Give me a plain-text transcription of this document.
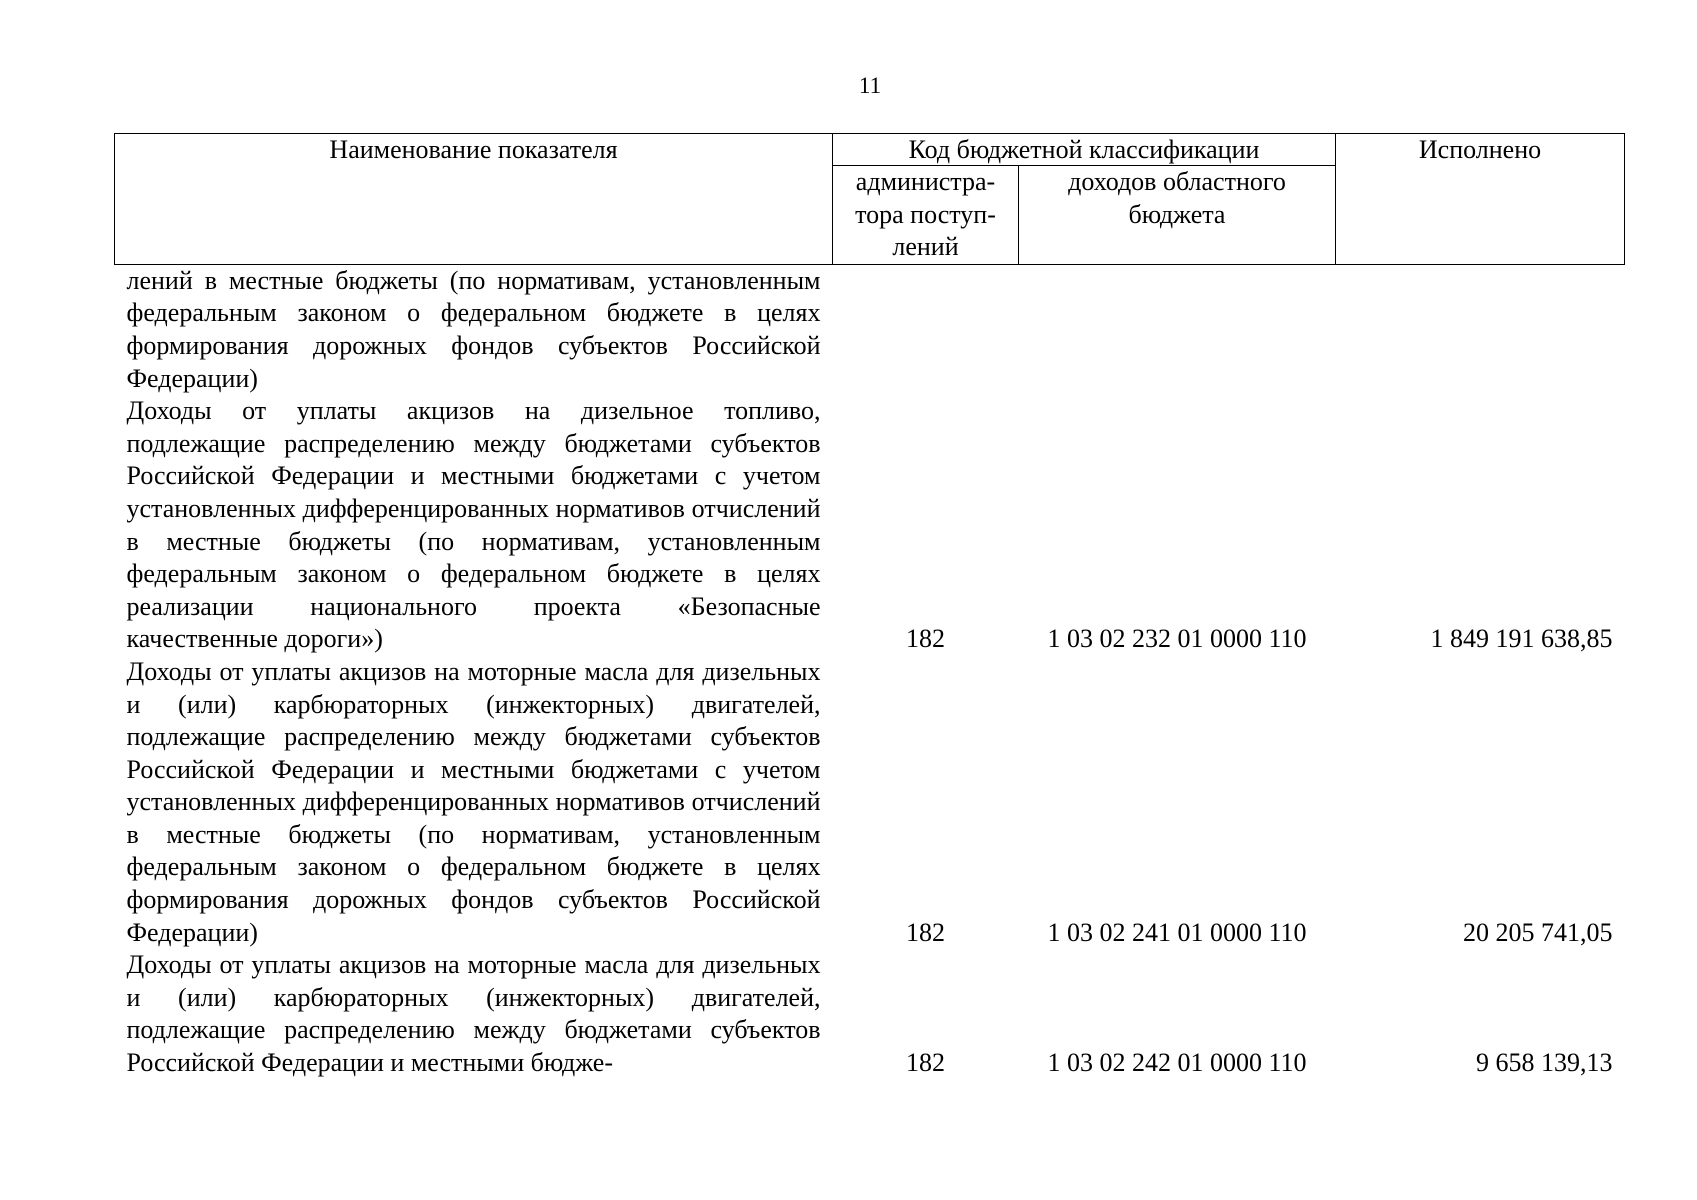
11
Наименование показателя	Код бюджетной классификации		Исполнено
	администра-тора поступ-лений	доходов областного бюджета	
лений в местные бюджеты (по нормативам, установленным федеральным законом о федеральном бюджете в целях формирования дорожных фондов субъектов Российской Федерации)			
Доходы от уплаты акцизов на дизельное топливо, подлежащие распределению между бюджетами субъектов Российской Федерации и местными бюджетами с учетом установленных дифференцированных нормативов отчислений в местные бюджеты (по нормативам, установленным федеральным законом о федеральном бюджете в целях реализации национального проекта «Безопасные качественные дороги»)	182	1 03 02 232 01 0000 110	1 849 191 638,85
Доходы от уплаты акцизов на моторные масла для дизельных и (или) карбюраторных (инжекторных) двигателей, подлежащие распределению между бюджетами субъектов Российской Федерации и местными бюджетами с учетом установленных дифференцированных нормативов отчислений в местные бюджеты (по нормативам, установленным федеральным законом о федеральном бюджете в целях формирования дорожных фондов субъектов Российской Федерации)	182	1 03 02 241 01 0000 110	20 205 741,05
Доходы от уплаты акцизов на моторные масла для дизельных и (или) карбюраторных (инжекторных) двигателей, подлежащие распределению между бюджетами субъектов Российской Федерации и местными бюдже-	182	1 03 02 242 01 0000 110	9 658 139,13
